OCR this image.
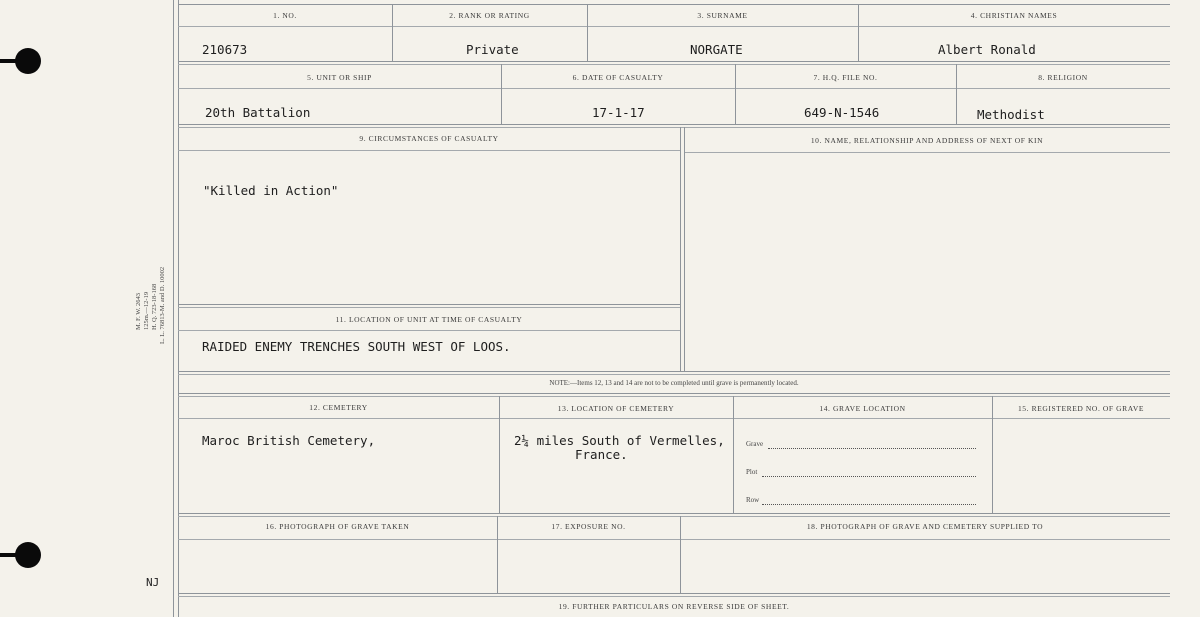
M. F. W. 2643 125m.—12-19 H. Q. 723-18-168 L. L. 76813-M. and D. 10002
NJ
1. NO.	2. RANK OR RATING	3. SURNAME	4. CHRISTIAN NAMES
210673	Private	NORGATE	Albert Ronald
5. UNIT OR SHIP	6. DATE OF CASUALTY	7. H.Q. FILE NO.	8. RELIGION
20th Battalion	17-1-17	649-N-1546	Methodist
9. CIRCUMSTANCES OF CASUALTY	10. NAME, RELATIONSHIP AND ADDRESS OF NEXT OF KIN
"Killed in Action"
11. LOCATION OF UNIT AT TIME OF CASUALTY
RAIDED ENEMY TRENCHES SOUTH WEST OF LOOS.
NOTE:—Items 12, 13 and 14 are not to be completed until grave is permanently located.
12. CEMETERY	13. LOCATION OF CEMETERY	14. GRAVE LOCATION	15. REGISTERED NO. OF GRAVE
Maroc British Cemetery,	2¼ miles South of Vermelles,
France.
Grave
Plot
Row
16. PHOTOGRAPH OF GRAVE TAKEN	17. EXPOSURE NO.	18. PHOTOGRAPH OF GRAVE AND CEMETERY SUPPLIED TO
19. FURTHER PARTICULARS ON REVERSE SIDE OF SHEET.
